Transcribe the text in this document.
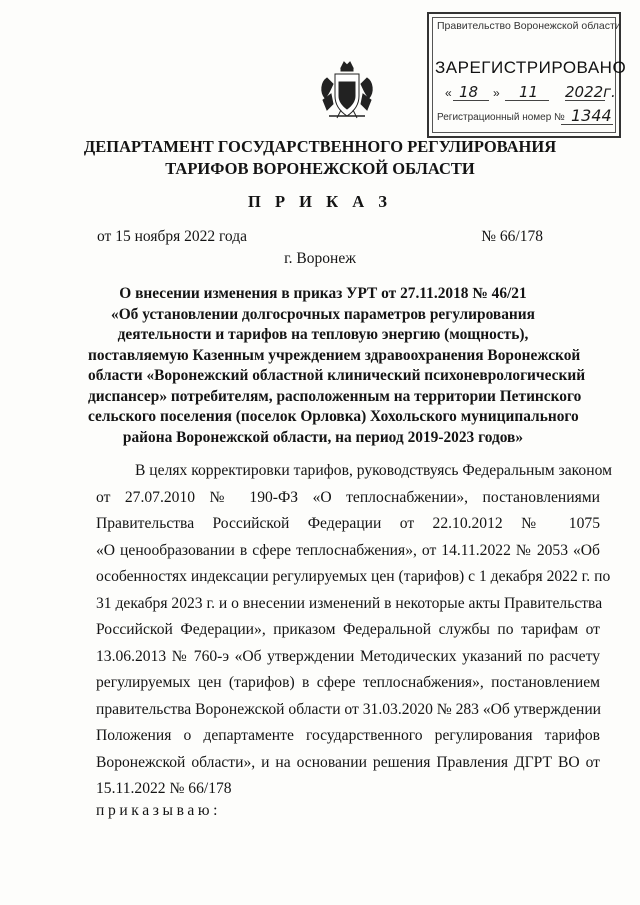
Правительство Воронежской области
ЗАРЕГИСТРИРОВАНО
« 18 » 11 2022г.
Регистрационный номер № 1344
ДЕПАРТАМЕНТ ГОСУДАРСТВЕННОГО РЕГУЛИРОВАНИЯ
ТАРИФОВ ВОРОНЕЖСКОЙ ОБЛАСТИ
П Р И К А З
от 15 ноября 2022 года	№ 66/178
г. Воронеж
О внесении изменения в приказ УРТ от 27.11.2018 № 46/21
«Об установлении долгосрочных параметров регулирования
деятельности и тарифов на тепловую энергию (мощность),
поставляемую Казенным учреждением здравоохранения Воронежской
области «Воронежский областной клинический психоневрологический
диспансер» потребителям, расположенным на территории Петинского
сельского поселения (поселок Орловка) Хохольского муниципального
района Воронежской области, на период 2019-2023 годов»
В целях корректировки тарифов, руководствуясь Федеральным законом
от 27.07.2010 № 190-ФЗ «О теплоснабжении», постановлениями
Правительства Российской Федерации от 22.10.2012 № 1075
«О ценообразовании в сфере теплоснабжения», от 14.11.2022 № 2053 «Об
особенностях индексации регулируемых цен (тарифов) с 1 декабря 2022 г. по
31 декабря 2023 г. и о внесении изменений в некоторые акты Правительства
Российской Федерации», приказом Федеральной службы по тарифам от
13.06.2013 № 760-э «Об утверждении Методических указаний по расчету
регулируемых цен (тарифов) в сфере теплоснабжения», постановлением
правительства Воронежской области от 31.03.2020 № 283 «Об утверждении
Положения о департаменте государственного регулирования тарифов
Воронежской области», и на основании решения Правления ДГРТ ВО от
15.11.2022 № 66/178
приказываю:
